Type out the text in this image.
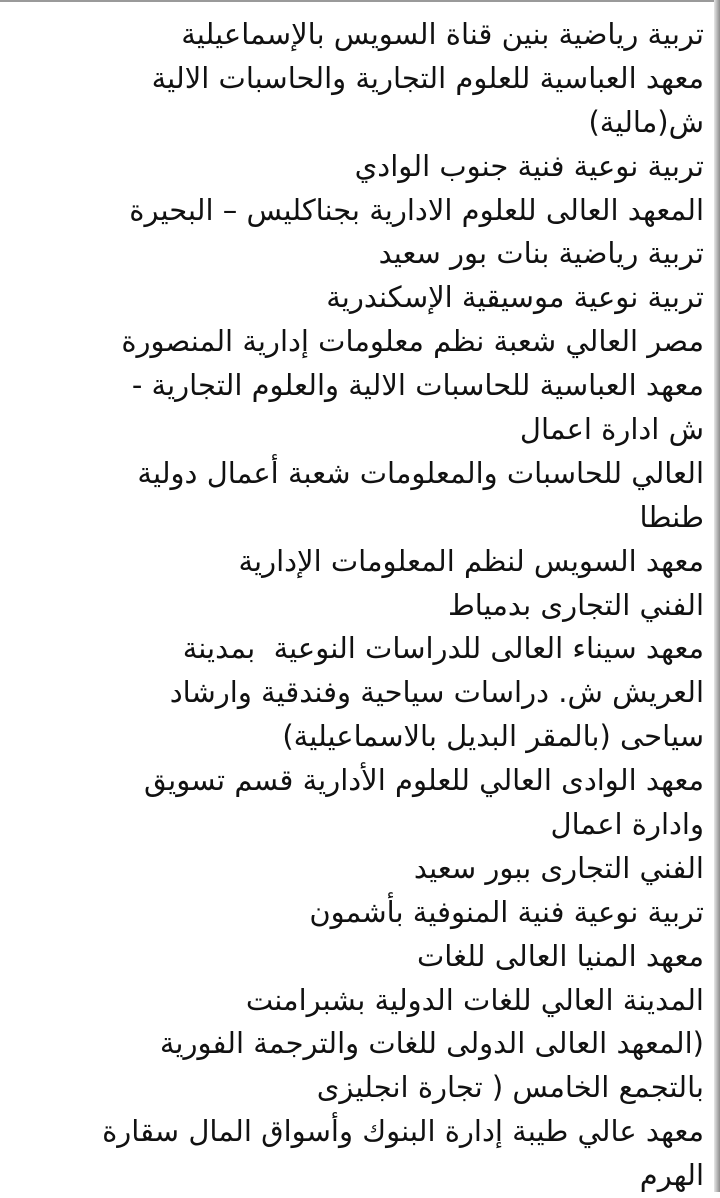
تربية رياضية بنين قناة السويس بالإسماعيلية
معهد العباسية للعلوم التجارية والحاسبات الالية
ش(مالية)
تربية نوعية فنية جنوب الوادي
المعهد العالى للعلوم الادارية بجناكليس – البحيرة
تربية رياضية بنات بور سعيد
تربية نوعية موسيقية الإسكندرية
مصر العالي شعبة نظم معلومات إدارية المنصورة
معهد العباسية للحاسبات الالية والعلوم التجارية -
ش ادارة اعمال
العالي للحاسبات والمعلومات شعبة أعمال دولية
طنطا
معهد السويس لنظم المعلومات الإدارية
الفني التجارى بدمياط
معهد سيناء العالى للدراسات النوعية  بمدينة
العريش ش. دراسات سياحية وفندقية وارشاد
سياحى (بالمقر البديل بالاسماعيلية)
معهد الوادى العالي للعلوم الأدارية قسم تسويق
وادارة اعمال
الفني التجارى ببور سعيد
تربية نوعية فنية المنوفية بأشمون
معهد المنيا العالى للغات
المدينة العالي للغات الدولية بشبرامنت
(المعهد العالى الدولى للغات والترجمة الفورية
بالتجمع الخامس ( تجارة انجليزى
معهد عالي طيبة إدارة البنوك وأسواق المال سقارة
الهرم
